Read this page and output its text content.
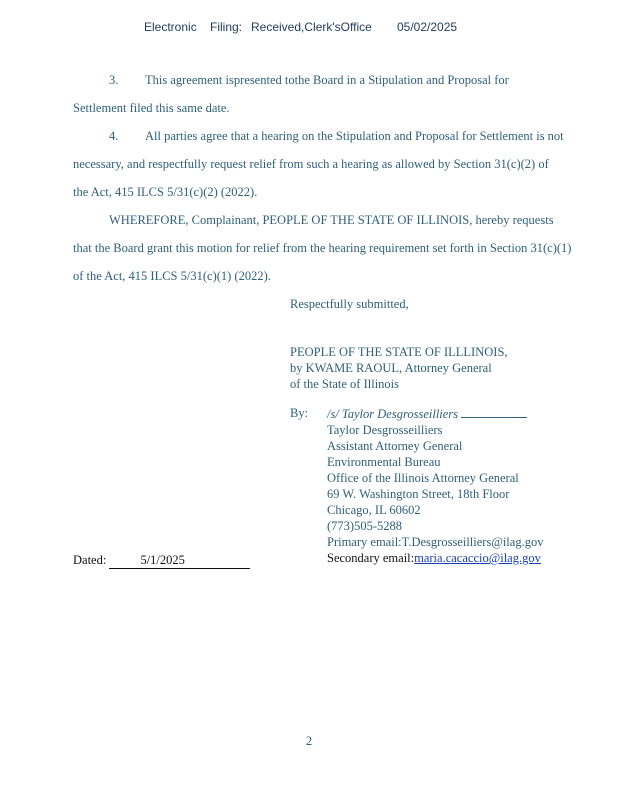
Electronic Filing: Received,Clerk'sOffice 05/02/2025
3. This agreement ispresented tothe Board in a Stipulation and Proposal for
Settlement filed this same date.
4. All parties agree that a hearing on the Stipulation and Proposal for Settlement is not
necessary, and respectfully request relief from such a hearing as allowed by Section 31(c)(2) of
the Act, 415 ILCS 5/31(c)(2) (2022).
WHEREFORE, Complainant, PEOPLE OF THE STATE OF ILLINOIS, hereby requests
that the Board grant this motion for relief from the hearing requirement set forth in Section 31(c)(1)
of the Act, 415 ILCS 5/31(c)(1) (2022).
Respectfully submitted,
PEOPLE OF THE STATE OF ILLLINOIS,
by KWAME RAOUL, Attorney General
of the State of Illinois
By: /s/ Taylor Desgrosseilliers
Taylor Desgrosseilliers
Assistant Attorney General
Environmental Bureau
Office of the Illinois Attorney General
69 W. Washington Street, 18th Floor
Chicago, IL 60602
(773)505-5288
Primary email:T.Desgrosseilliers@ilag.gov
Secondary email:maria.cacaccio@ilag.gov
Dated:	5/1/2025
2
